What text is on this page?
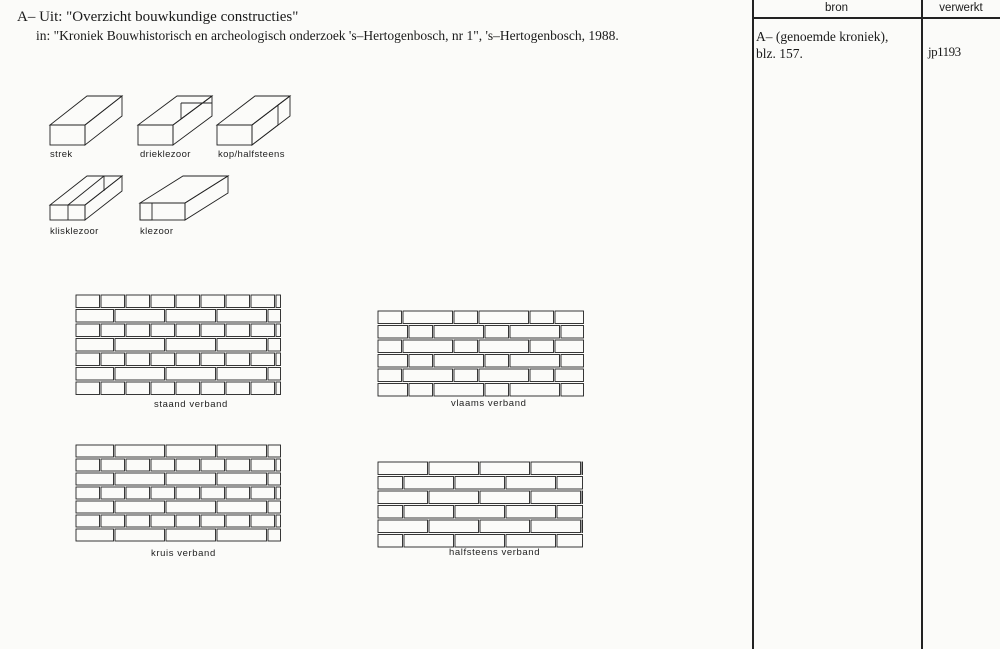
A– Uit: "Overzicht bouwkundige constructies"
in: "Kroniek Bouwhistorisch en archeologisch onderzoek 's–Hertogenbosch, nr 1", 's–Hertogenbosch, 1988.
bron	verwerkt
A– (genoemde kroniek),
blz. 157.	jp1193
strek	drieklezoor	kop/halfsteens
klisklezoor	klezoor
staand verband	vlaams verband
kruis verband	halfsteens verband
